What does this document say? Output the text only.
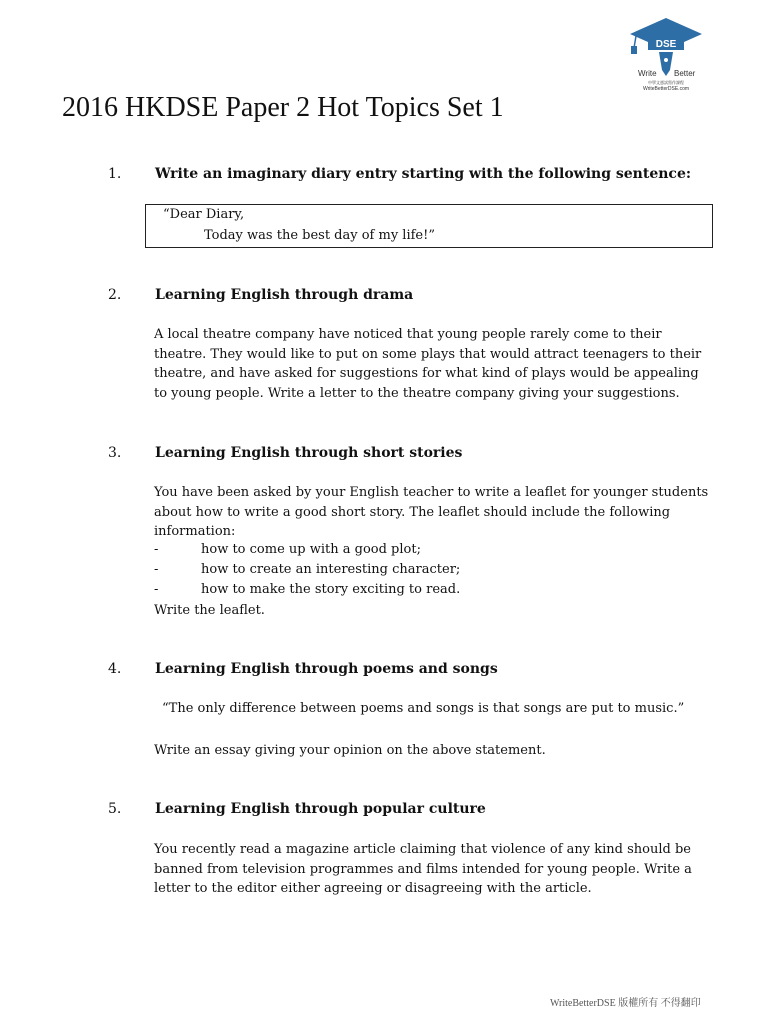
DSE
Write Better
中學文憑試寫作課程
WriteBetterDSE.com
2016 HKDSE Paper 2 Hot Topics Set 1
1. Write an imaginary diary entry starting with the following sentence:
“Dear Diary,
Today was the best day of my life!”
2. Learning English through drama
A local theatre company have noticed that young people rarely come to their
theatre. They would like to put on some plays that would attract teenagers to their
theatre, and have asked for suggestions for what kind of plays would be appealing
to young people. Write a letter to the theatre company giving your suggestions.
3. Learning English through short stories
You have been asked by your English teacher to write a leaflet for younger students
about how to write a good short story. The leaflet should include the following
information:
-	how to come up with a good plot;
-	how to create an interesting character;
-	how to make the story exciting to read.
Write the leaflet.
4. Learning English through poems and songs
“The only difference between poems and songs is that songs are put to music.”
Write an essay giving your opinion on the above statement.
5. Learning English through popular culture
You recently read a magazine article claiming that violence of any kind should be
banned from television programmes and films intended for young people. Write a
letter to the editor either agreeing or disagreeing with the article.
WriteBetterDSE 版權所有 不得翻印
